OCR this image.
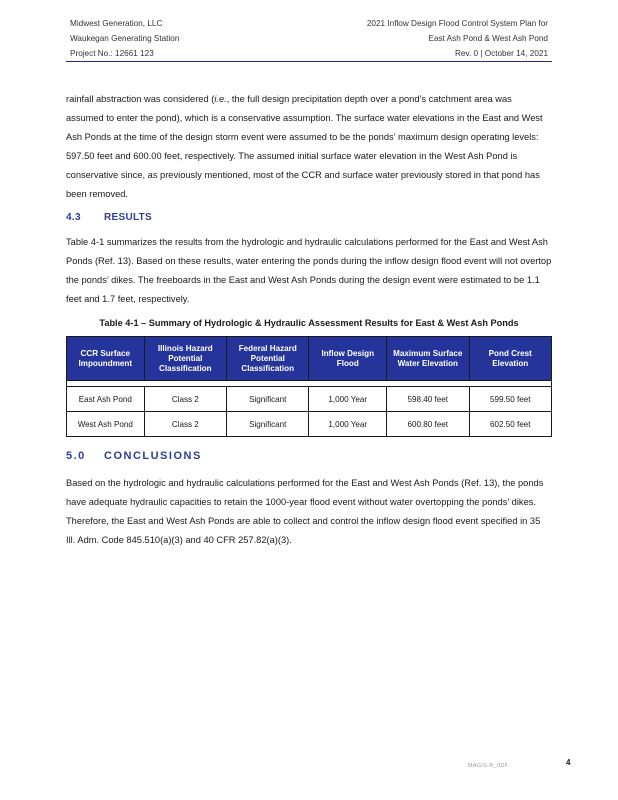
Midwest Generation, LLC
Waukegan Generating Station
Project No.: 12661 123
2021 Inflow Design Flood Control System Plan for
East Ash Pond & West Ash Pond
Rev. 0 | October 14, 2021

rainfall abstraction was considered (i.e., the full design precipitation depth over a pond’s catchment area was assumed to enter the pond), which is a conservative assumption. The surface water elevations in the East and West Ash Ponds at the time of the design storm event were assumed to be the ponds’ maximum design operating levels: 597.50 feet and 600.00 feet, respectively. The assumed initial surface water elevation in the West Ash Pond is conservative since, as previously mentioned, most of the CCR and surface water previously stored in that pond has been removed.

4.3 RESULTS

Table 4-1 summarizes the results from the hydrologic and hydraulic calculations performed for the East and West Ash Ponds (Ref. 13). Based on these results, water entering the ponds during the inflow design flood event will not overtop the ponds’ dikes. The freeboards in the East and West Ash Ponds during the design event were estimated to be 1.1 feet and 1.7 feet, respectively.

Table 4-1 – Summary of Hydrologic & Hydraulic Assessment Results for East & West Ash Ponds
CCR Surface Impoundment	Illinois Hazard Potential Classification	Federal Hazard Potential Classification	Inflow Design Flood	Maximum Surface Water Elevation	Pond Crest Elevation

East Ash Pond	Class 2	Significant	1,000 Year	598.40 feet	599.50 feet
West Ash Pond	Class 2	Significant	1,000 Year	600.80 feet	602.50 feet
5.0 CONCLUSIONS

Based on the hydrologic and hydraulic calculations performed for the East and West Ash Ponds (Ref. 13), the ponds have adequate hydraulic capacities to retain the 1000-year flood event without water overtopping the ponds’ dikes. Therefore, the East and West Ash Ponds are able to collect and control the inflow design flood event specified in 35 Ill. Adm. Code 845.510(a)(3) and 40 CFR 257.82(a)(3).

MAGIS-B_IIDF	4
